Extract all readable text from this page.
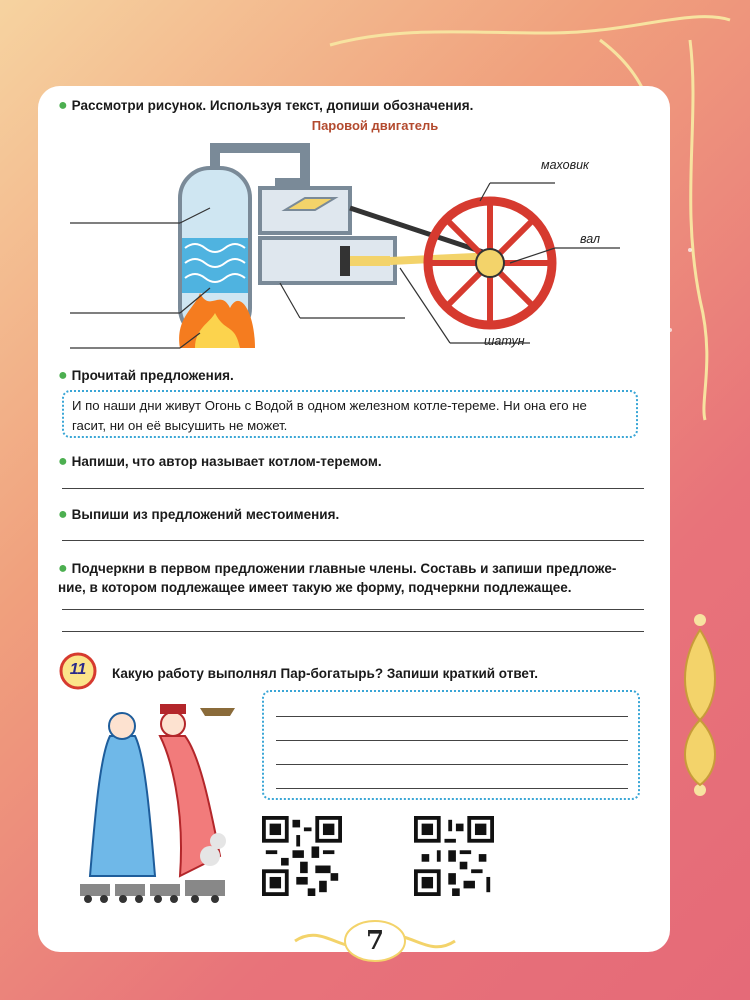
● Рассмотри рисунок. Используя текст, допиши обозначения.
Паровой двигатель
маховик
вал
шатун
● Прочитай предложения.
И по наши дни живут Огонь с Водой в одном железном котле-тереме. Ни она его не
гасит, ни он её высушить не может.
● Напиши, что автор называет котлом-теремом.
● Выпиши из предложений местоимения.
● Подчеркни в первом предложении главные члены. Составь и запиши предложе-
ние, в котором подлежащее имеет такую же форму, подчеркни подлежащее.
11	Какую работу выполнял Пар-богатырь? Запиши краткий ответ.
7
